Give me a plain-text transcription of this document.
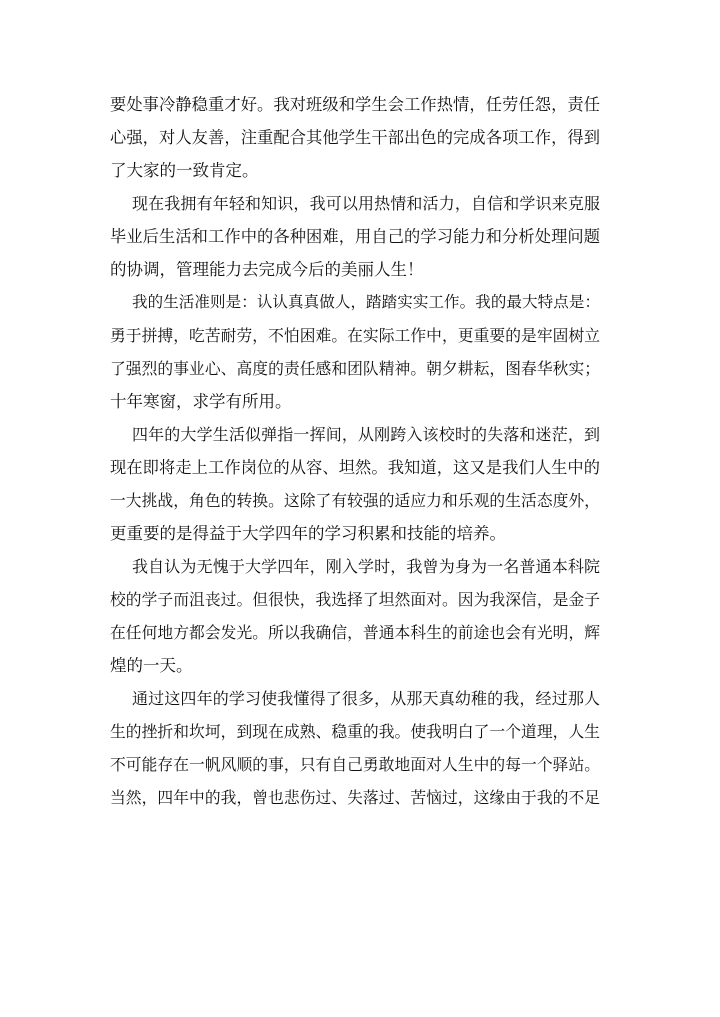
要处事冷静稳重才好。我对班级和学生会工作热情，任劳任怨，责任
心强，对人友善，注重配合其他学生干部出色的完成各项工作，得到
了大家的一致肯定。
现在我拥有年轻和知识，我可以用热情和活力，自信和学识来克服
毕业后生活和工作中的各种困难，用自己的学习能力和分析处理问题
的协调，管理能力去完成今后的美丽人生！
我的生活准则是：认认真真做人，踏踏实实工作。我的最大特点是：
勇于拼搏，吃苦耐劳，不怕困难。在实际工作中，更重要的是牢固树立
了强烈的事业心、高度的责任感和团队精神。朝夕耕耘，图春华秋实；
十年寒窗，求学有所用。
四年的大学生活似弹指一挥间，从刚跨入该校时的失落和迷茫，到
现在即将走上工作岗位的从容、坦然。我知道，这又是我们人生中的
一大挑战，角色的转换。这除了有较强的适应力和乐观的生活态度外，
更重要的是得益于大学四年的学习积累和技能的培养。
我自认为无愧于大学四年，刚入学时，我曾为身为一名普通本科院
校的学子而沮丧过。但很快，我选择了坦然面对。因为我深信，是金子
在任何地方都会发光。所以我确信，普通本科生的前途也会有光明，辉
煌的一天。
通过这四年的学习使我懂得了很多，从那天真幼稚的我，经过那人
生的挫折和坎坷，到现在成熟、稳重的我。使我明白了一个道理，人生
不可能存在一帆风顺的事，只有自己勇敢地面对人生中的每一个驿站。
当然，四年中的我，曾也悲伤过、失落过、苦恼过，这缘由于我的不足
